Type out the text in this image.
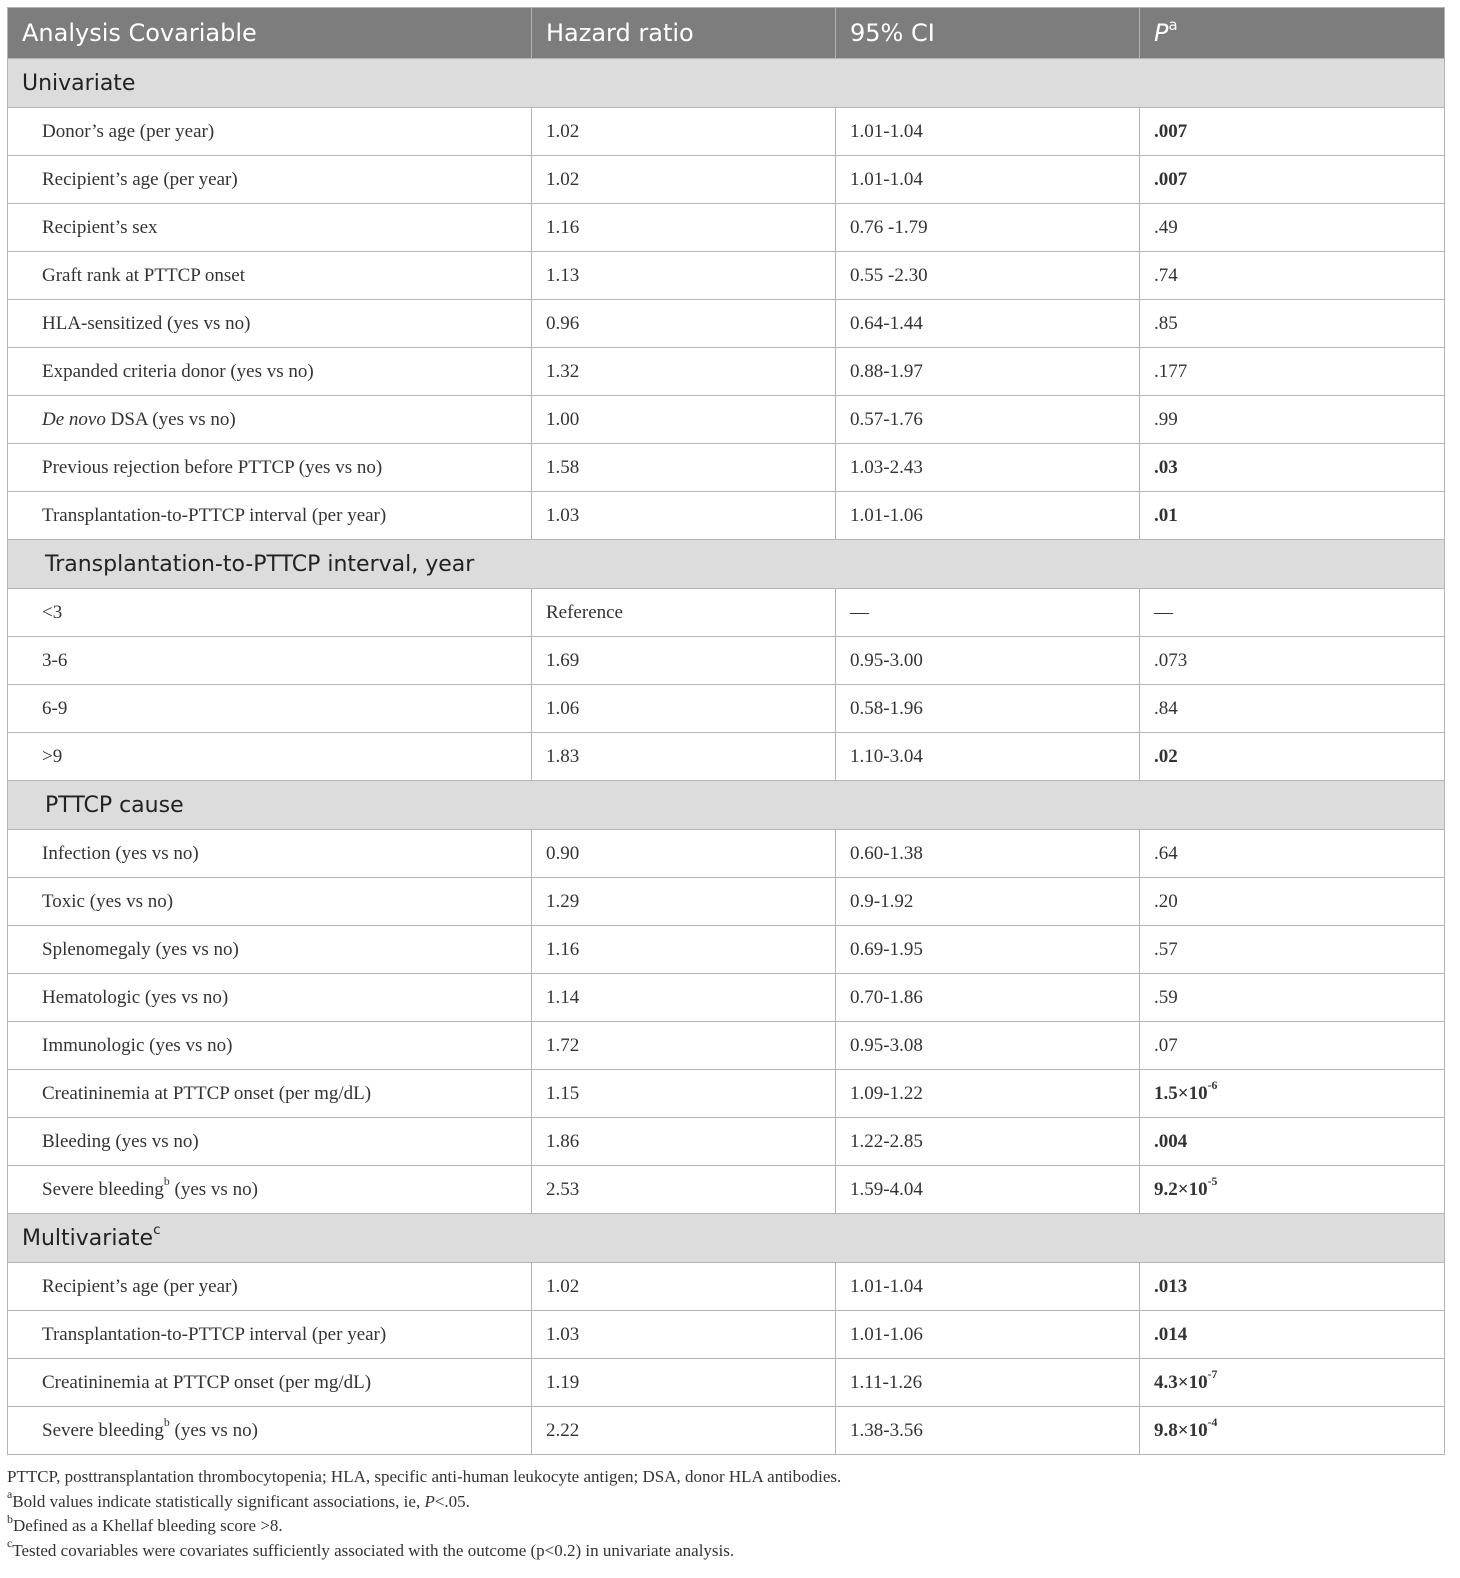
Analysis Covariable	Hazard ratio	95% CI	$P^a$
Univariate			
Donor’s age (per year)	1.02	1.01-1.04	.007
Recipient’s age (per year)	1.02	1.01-1.04	.007
Recipient’s sex	1.16	0.76 -1.79	.49
Graft rank at PTTCP onset	1.13	0.55 -2.30	.74
HLA-sensitized (yes vs no)	0.96	0.64-1.44	.85
Expanded criteria donor (yes vs no)	1.32	0.88-1.97	.177
De novo DSA (yes vs no)	1.00	0.57-1.76	.99
Previous rejection before PTTCP (yes vs no)	1.58	1.03-2.43	.03
Transplantation-to-PTTCP interval (per year)	1.03	1.01-1.06	.01
Transplantation-to-PTTCP interval, year			
<3	Reference	—	—
3-6	1.69	0.95-3.00	.073
6-9	1.06	0.58-1.96	.84
>9	1.83	1.10-3.04	.02
PTTCP cause			
Infection (yes vs no)	0.90	0.60-1.38	.64
Toxic (yes vs no)	1.29	0.9-1.92	.20
Splenomegaly (yes vs no)	1.16	0.69-1.95	.57
Hematologic (yes vs no)	1.14	0.70-1.86	.59
Immunologic (yes vs no)	1.72	0.95-3.08	.07
Creatininemia at PTTCP onset (per mg/dL)	1.15	1.09-1.22	$1.5\times 10^{-6}$
Bleeding (yes vs no)	1.86	1.22-2.85	.004
Severe bleeding$^b$ (yes vs no)	2.53	1.59-4.04	$9.2\times 10^{-5}$
Multivariate$^c$
Recipient’s age (per year)	1.02	1.01-1.04	.013
Transplantation-to-PTTCP interval (per year)	1.03	1.01-1.06	.014
Creatininemia at PTTCP onset (per mg/dL)	1.19	1.11-1.26	$4.3\times 10^{-7}$
Severe bleeding$^b$ (yes vs no)	2.22	1.38-3.56	$9.8\times 10^{-4}$
PTTCP, posttransplantation thrombocytopenia; HLA, specific anti-human leukocyte antigen; DSA, donor HLA antibodies.
$^a$Bold values indicate statistically significant associations, ie, P<.05.
$^b$Defined as a Khellaf bleeding score >8.
$^c$Tested covariables were covariates sufficiently associated with the outcome (p<0.2) in univariate analysis.
